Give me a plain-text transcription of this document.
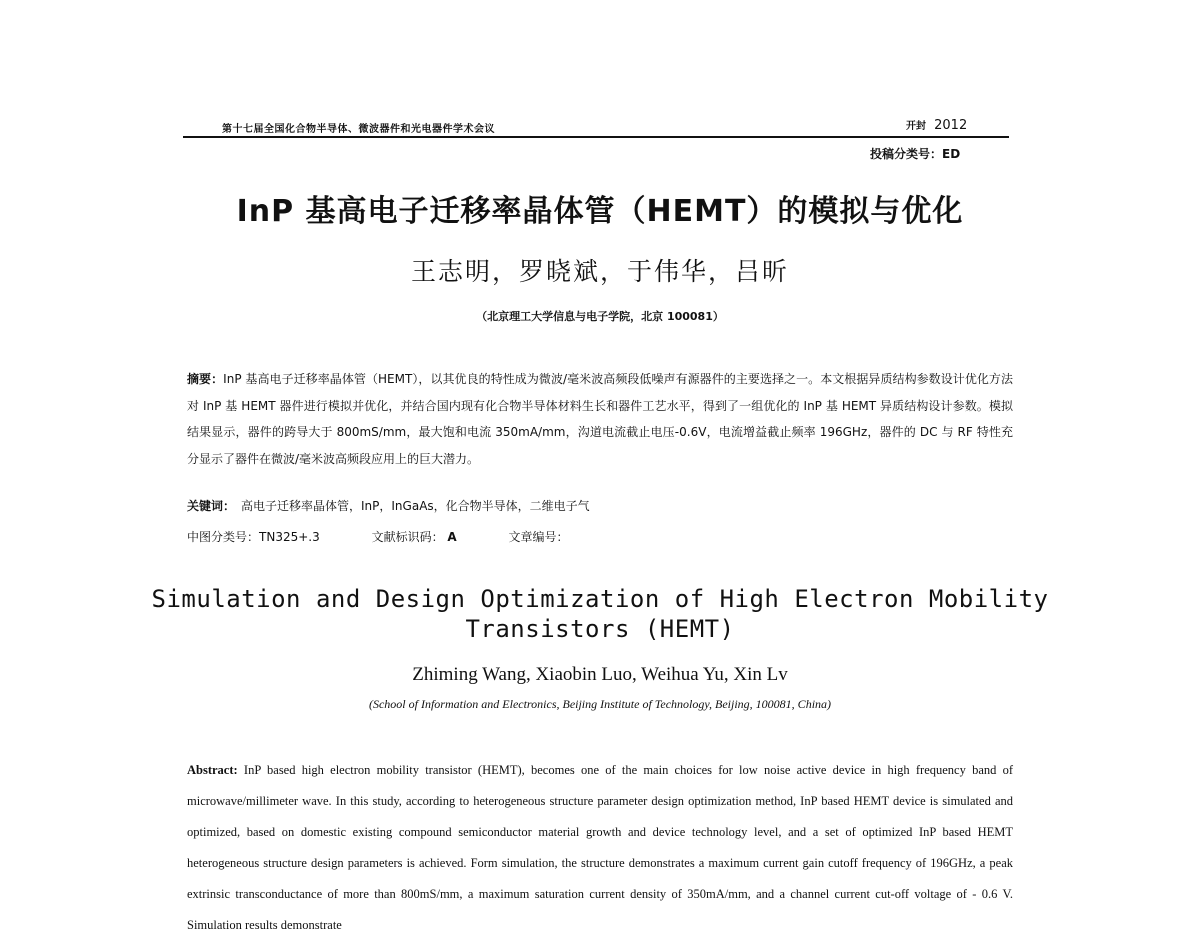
第十七届全国化合物半导体、微波器件和光电器件学术会议	开封 2012
投稿分类号：ED
InP 基高电子迁移率晶体管（HEMT）的模拟与优化
王志明，罗晓斌，于伟华，吕昕
（北京理工大学信息与电子学院，北京 100081）
摘要：InP 基高电子迁移率晶体管（HEMT），以其优良的特性成为微波/毫米波高频段低噪声有源器件的主要选择之一。本文根据异质结构参数设计优化方法对 InP 基 HEMT 器件进行模拟并优化，并结合国内现有化合物半导体材料生长和器件工艺水平，得到了一组优化的 InP 基 HEMT 异质结构设计参数。模拟结果显示，器件的跨导大于 800mS/mm，最大饱和电流 350mA/mm，沟道电流截止电压-0.6V，电流增益截止频率 196GHz，器件的 DC 与 RF 特性充分显示了器件在微波/毫米波高频段应用上的巨大潜力。
关键词： 高电子迁移率晶体管，InP，InGaAs，化合物半导体，二维电子气
中图分类号：TN325+.3	文献标识码： A	文章编号：
Simulation and Design Optimization of High Electron Mobility
Transistors (HEMT)
Zhiming Wang, Xiaobin Luo, Weihua Yu, Xin Lv
(School of Information and Electronics, Beijing Institute of Technology, Beijing, 100081, China)
Abstract: InP based high electron mobility transistor (HEMT), becomes one of the main choices for low noise active device in high frequency band of microwave/millimeter wave. In this study, according to heterogeneous structure parameter design optimization method, InP based HEMT device is simulated and optimized, based on domestic existing compound semiconductor material growth and device technology level, and a set of optimized InP based HEMT heterogeneous structure design parameters is achieved. Form simulation, the structure demonstrates a maximum current gain cutoff frequency of 196GHz, a peak extrinsic transconductance of more than 800mS/mm, a maximum saturation current density of 350mA/mm, and a channel current cut-off voltage of - 0.6 V. Simulation results demonstrate
